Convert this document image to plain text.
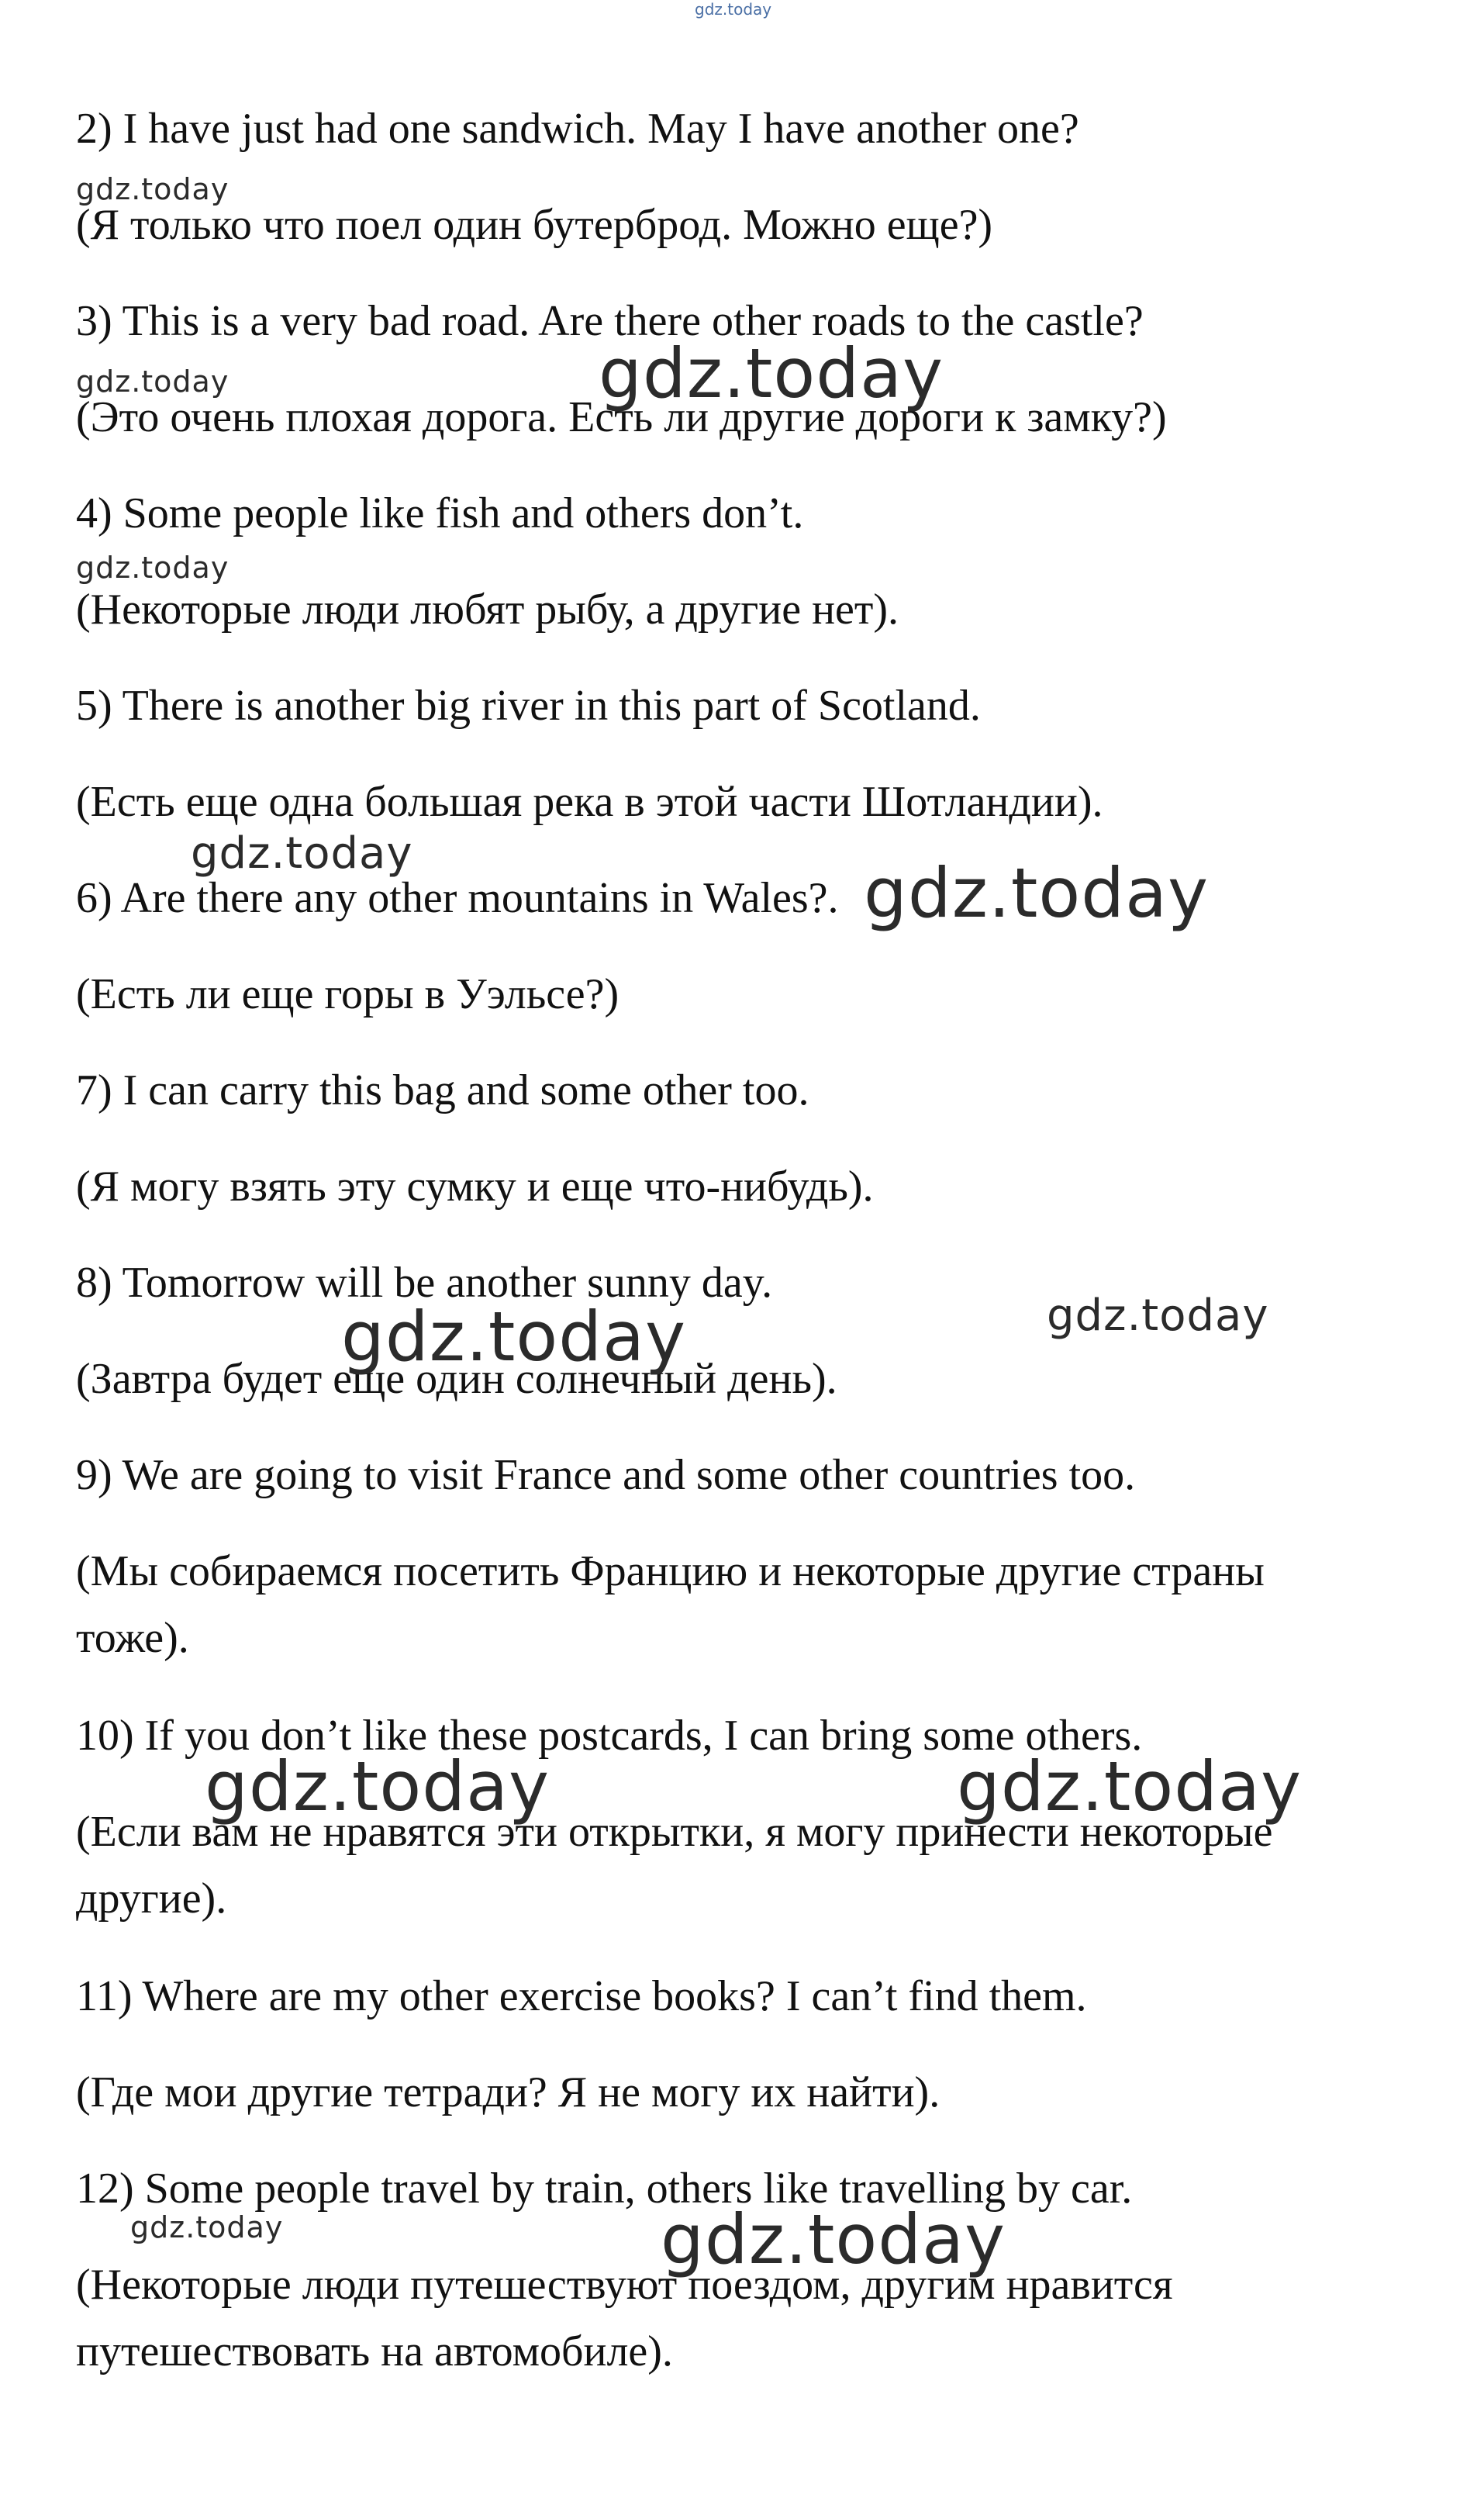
2) I have just had one sandwich. May I have another one?
(Я только что поел один бутерброд. Можно еще?)
3) This is a very bad road. Are there other roads to the castle?
(Это очень плохая дорога. Есть ли другие дороги к замку?)
4) Some people like fish and others don’t.
(Некоторые люди любят рыбу, а другие нет).
5) There is another big river in this part of Scotland.
(Есть еще одна большая река в этой части Шотландии).
6) Are there any other mountains in Wales?.
(Есть ли еще горы в Уэльсе?)
7) I can carry this bag and some other too.
(Я могу взять эту сумку и еще что-нибудь).
8) Tomorrow will be another sunny day.
(Завтра будет еще один солнечный день).
9) We are going to visit France and some other countries too.
(Мы собираемся посетить Францию и некоторые другие страны
тоже).
10) If you don’t like these postcards, I can bring some others.
(Если вам не нравятся эти открытки, я могу принести некоторые
другие).
11) Where are my other exercise books? I can’t find them.
(Где мои другие тетради? Я не могу их найти).
12) Some people travel by train, others like travelling by car.
(Некоторые люди путешествуют поездом, другим нравится
путешествовать на автомобиле).
gdz.today
gdz.today
gdz.today	gdz.today
gdz.today
gdz.today	gdz.today
gdz.today
gdz.today
gdz.today	gdz.today
gdz.today	gdz.today
